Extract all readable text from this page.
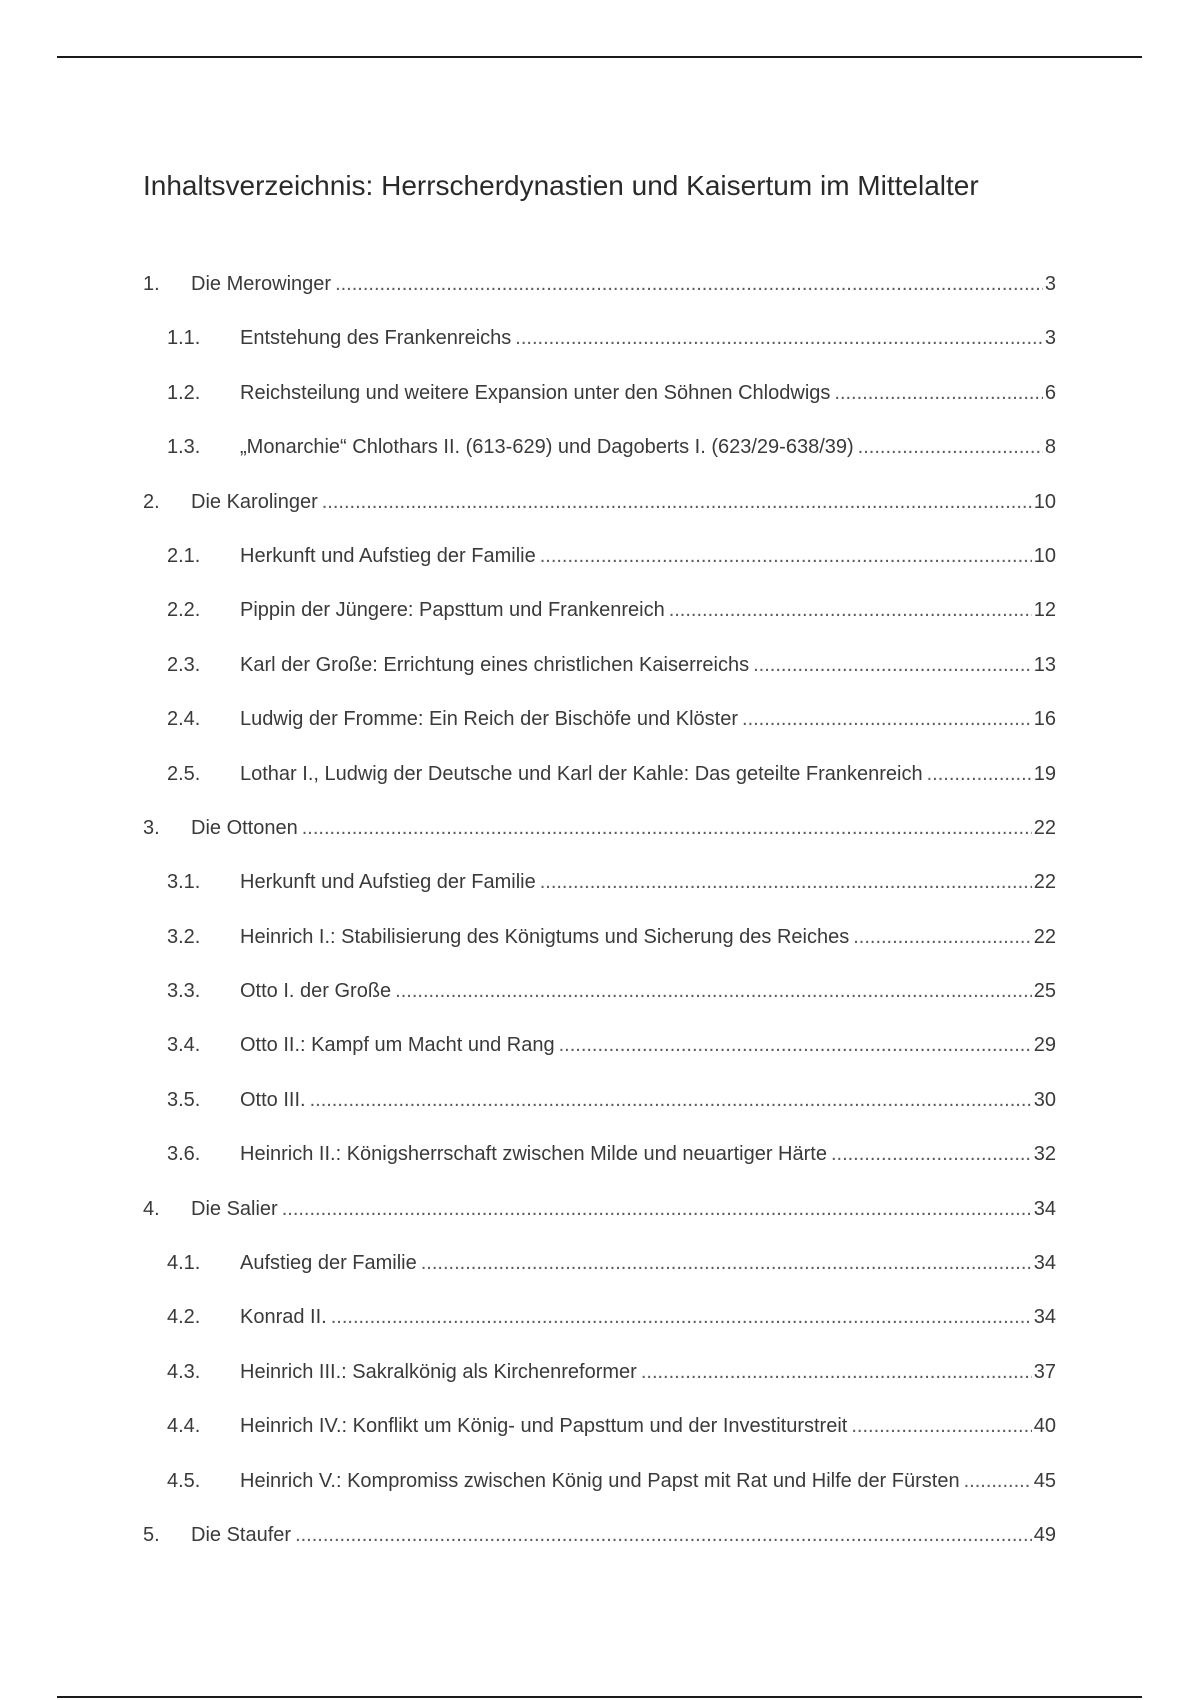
Inhaltsverzeichnis: Herrscherdynastien und Kaisertum im Mittelalter
1. Die Merowinger .....	3
1.1. Entstehung des Frankenreichs .....	3
1.2. Reichsteilung und weitere Expansion unter den Söhnen Chlodwigs .....	6
1.3. „Monarchie“ Chlothars II. (613-629) und Dagoberts I. (623/29-638/39) .....	8
2. Die Karolinger .....	10
2.1. Herkunft und Aufstieg der Familie .....	10
2.2. Pippin der Jüngere: Papsttum und Frankenreich .....	12
2.3. Karl der Große: Errichtung eines christlichen Kaiserreichs .....	13
2.4. Ludwig der Fromme: Ein Reich der Bischöfe und Klöster .....	16
2.5. Lothar I., Ludwig der Deutsche und Karl der Kahle: Das geteilte Frankenreich .....	19
3. Die Ottonen .....	22
3.1. Herkunft und Aufstieg der Familie .....	22
3.2. Heinrich I.: Stabilisierung des Königtums und Sicherung des Reiches .....	22
3.3. Otto I. der Große .....	25
3.4. Otto II.: Kampf um Macht und Rang .....	29
3.5. Otto III. .....	30
3.6. Heinrich II.: Königsherrschaft zwischen Milde und neuartiger Härte .....	32
4. Die Salier .....	34
4.1. Aufstieg der Familie .....	34
4.2. Konrad II. .....	34
4.3. Heinrich III.: Sakralkönig als Kirchenreformer .....	37
4.4. Heinrich IV.: Konflikt um König- und Papsttum und der Investiturstreit .....	40
4.5. Heinrich V.: Kompromiss zwischen König und Papst mit Rat und Hilfe der Fürsten .....	45
5. Die Staufer .....	49
